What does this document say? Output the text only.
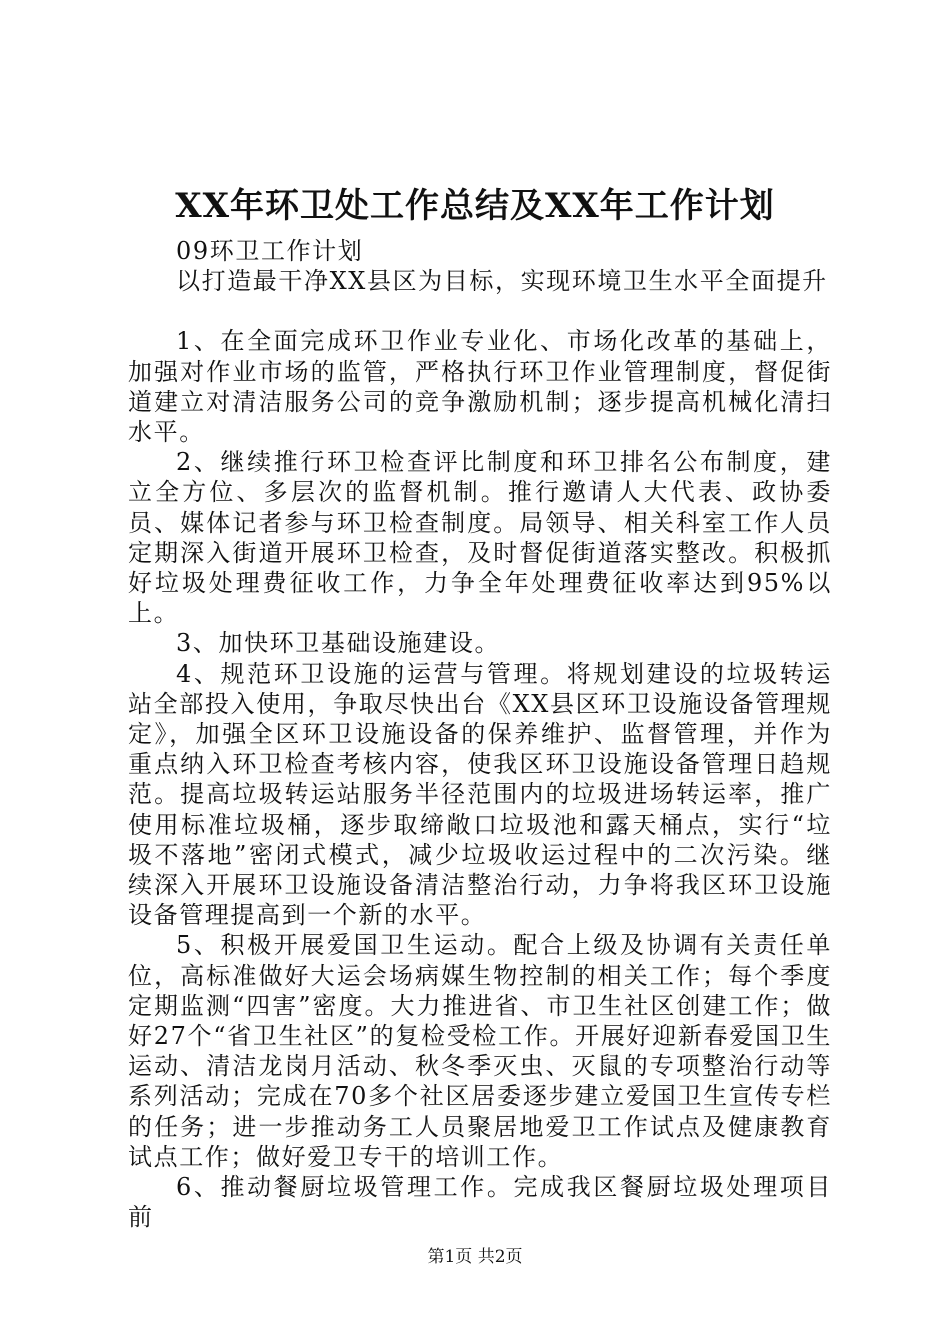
XX年环卫处工作总结及XX年工作计划

09环卫工作计划

以打造最干净XX县区为目标，实现环境卫生水平全面提升

1、在全面完成环卫作业专业化、市场化改革的基础上，加强对作业市场的监管，严格执行环卫作业管理制度，督促街道建立对清洁服务公司的竞争激励机制；逐步提高机械化清扫水平。

2、继续推行环卫检查评比制度和环卫排名公布制度，建立全方位、多层次的监督机制。推行邀请人大代表、政协委员、媒体记者参与环卫检查制度。局领导、相关科室工作人员定期深入街道开展环卫检查，及时督促街道落实整改。积极抓好垃圾处理费征收工作，力争全年处理费征收率达到95%以上。

3、加快环卫基础设施建设。

4、规范环卫设施的运营与管理。将规划建设的垃圾转运站全部投入使用，争取尽快出台《XX县区环卫设施设备管理规定》，加强全区环卫设施设备的保养维护、监督管理，并作为重点纳入环卫检查考核内容，使我区环卫设施设备管理日趋规范。提高垃圾转运站服务半径范围内的垃圾进场转运率，推广使用标准垃圾桶，逐步取缔敞口垃圾池和露天桶点，实行“垃圾不落地”密闭式模式，减少垃圾收运过程中的二次污染。继续深入开展环卫设施设备清洁整治行动，力争将我区环卫设施设备管理提高到一个新的水平。

5、积极开展爱国卫生运动。配合上级及协调有关责任单位，高标准做好大运会场病媒生物控制的相关工作；每个季度定期监测“四害”密度。大力推进省、市卫生社区创建工作；做好27个“省卫生社区”的复检受检工作。开展好迎新春爱国卫生运动、清洁龙岗月活动、秋冬季灭虫、灭鼠的专项整治行动等系列活动；完成在70多个社区居委逐步建立爱国卫生宣传专栏的任务；进一步推动务工人员聚居地爱卫工作试点及健康教育试点工作；做好爱卫专干的培训工作。

6、推动餐厨垃圾管理工作。完成我区餐厨垃圾处理项目前

第1页 共2页
